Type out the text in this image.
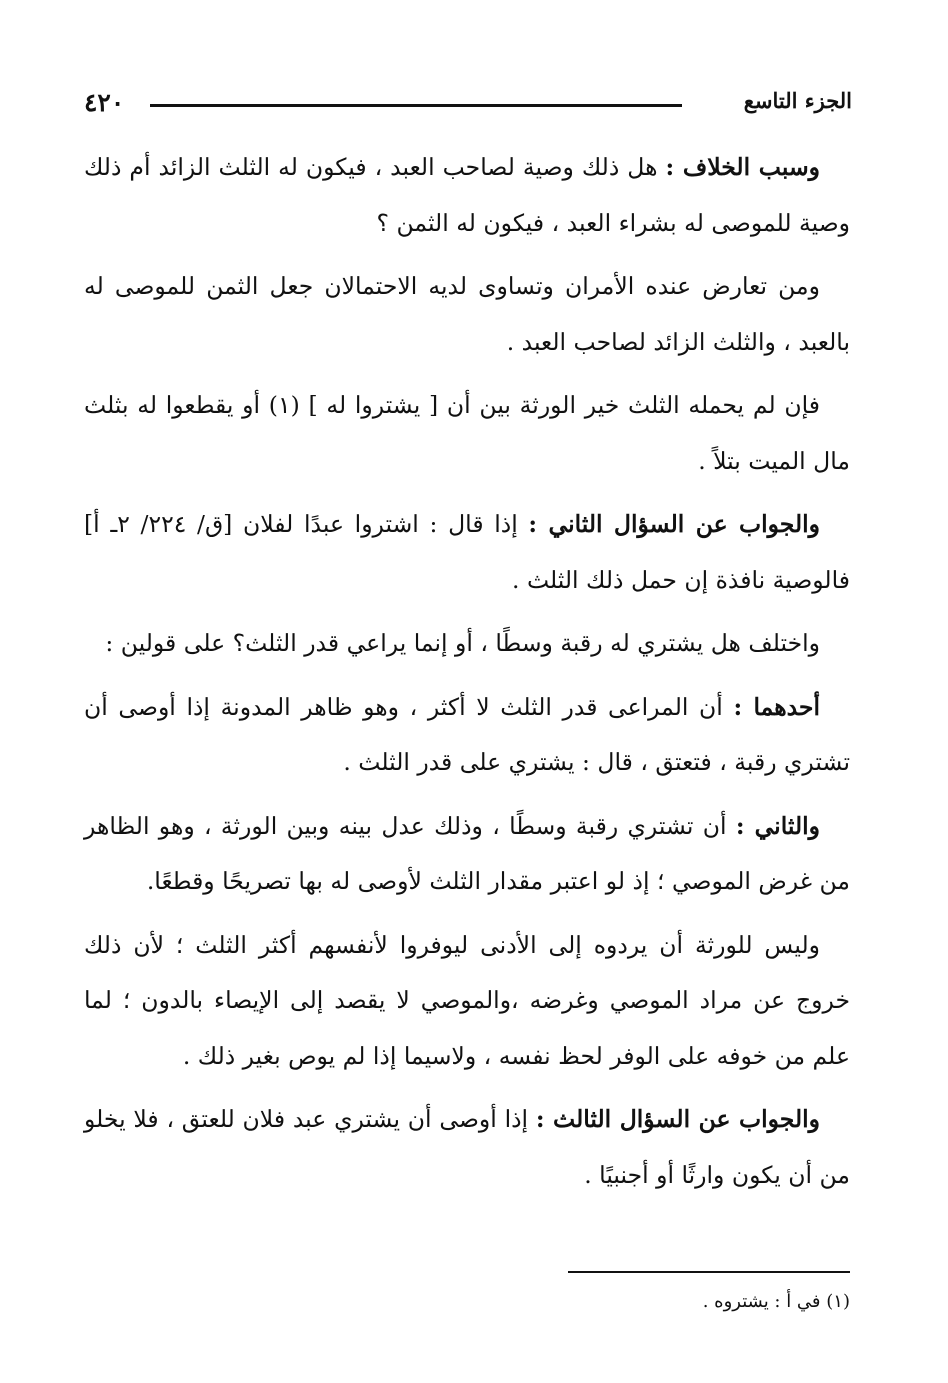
٤٢٠	الجزء التاسع

وسبب الخلاف : هل ذلك وصية لصاحب العبد ، فيكون له الثلث الزائد أم ذلك وصية للموصى له بشراء العبد ، فيكون له الثمن ؟

ومن تعارض عنده الأمران وتساوى لديه الاحتمالان جعل الثمن للموصى له بالعبد ، والثلث الزائد لصاحب العبد .

فإن لم يحمله الثلث خير الورثة بين أن [ يشتروا له ] (١) أو يقطعوا له بثلث مال الميت بتلاً .

والجواب عن السؤال الثاني : إذا قال : اشتروا عبدًا لفلان [ق/ ٢٢٤/ ٢ـ أ] فالوصية نافذة إن حمل ذلك الثلث .

واختلف هل يشتري له رقبة وسطًا ، أو إنما يراعي قدر الثلث؟ على قولين :

أحدهما : أن المراعى قدر الثلث لا أكثر ، وهو ظاهر المدونة إذا أوصى أن تشتري رقبة ، فتعتق ، قال : يشتري على قدر الثلث .

والثاني : أن تشتري رقبة وسطًا ، وذلك عدل بينه وبين الورثة ، وهو الظاهر من غرض الموصي ؛ إذ لو اعتبر مقدار الثلث لأوصى له بها تصريحًا وقطعًا.

وليس للورثة أن يردوه إلى الأدنى ليوفروا لأنفسهم أكثر الثلث ؛ لأن ذلك خروج عن مراد الموصي وغرضه ،والموصي لا يقصد إلى الإيصاء بالدون ؛ لما علم من خوفه على الوفر لحظ نفسه ، ولاسيما إذا لم يوص بغير ذلك .

والجواب عن السؤال الثالث : إذا أوصى أن يشتري عبد فلان للعتق ، فلا يخلو من أن يكون وارثًا أو أجنبيًا .

(١) في أ : يشتروه .
